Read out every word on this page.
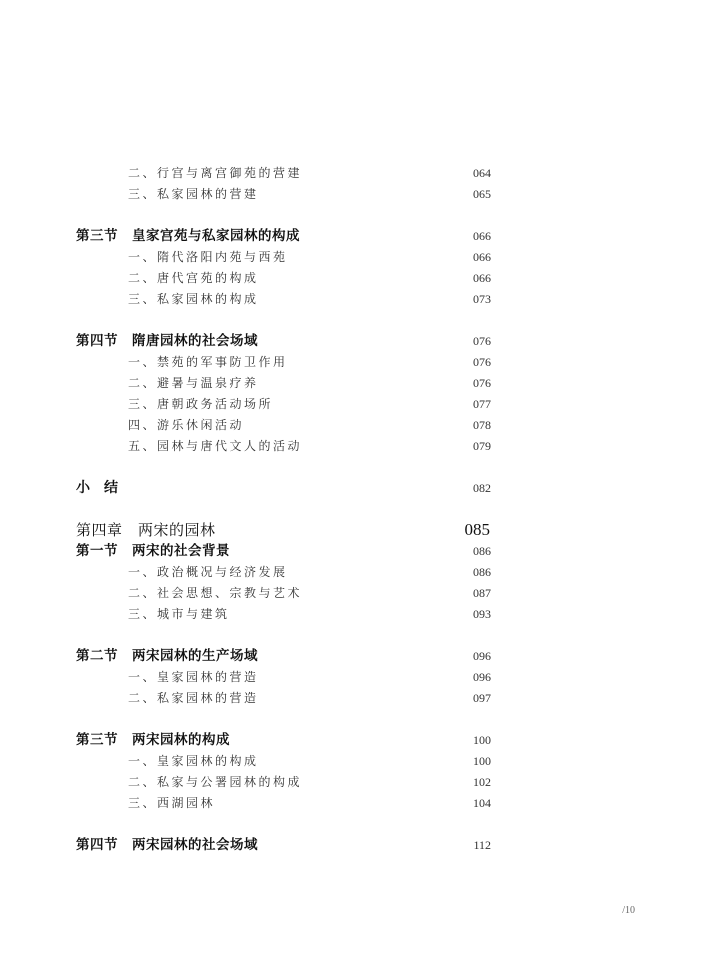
二、行宫与离宫御苑的营建	064
三、私家园林的营建	065
第三节　皇家宫苑与私家园林的构成	066
一、隋代洛阳内苑与西苑	066
二、唐代宫苑的构成	066
三、私家园林的构成	073
第四节　隋唐园林的社会场域	076
一、禁苑的军事防卫作用	076
二、避暑与温泉疗养	076
三、唐朝政务活动场所	077
四、游乐休闲活动	078
五、园林与唐代文人的活动	079
小结	082
第四章　两宋的园林	085
第一节　两宋的社会背景	086
一、政治概况与经济发展	086
二、社会思想、宗教与艺术	087
三、城市与建筑	093
第二节　两宋园林的生产场域	096
一、皇家园林的营造	096
二、私家园林的营造	097
第三节　两宋园林的构成	100
一、皇家园林的构成	100
二、私家与公署园林的构成	102
三、西湖园林	104
第四节　两宋园林的社会场域	112
/10
